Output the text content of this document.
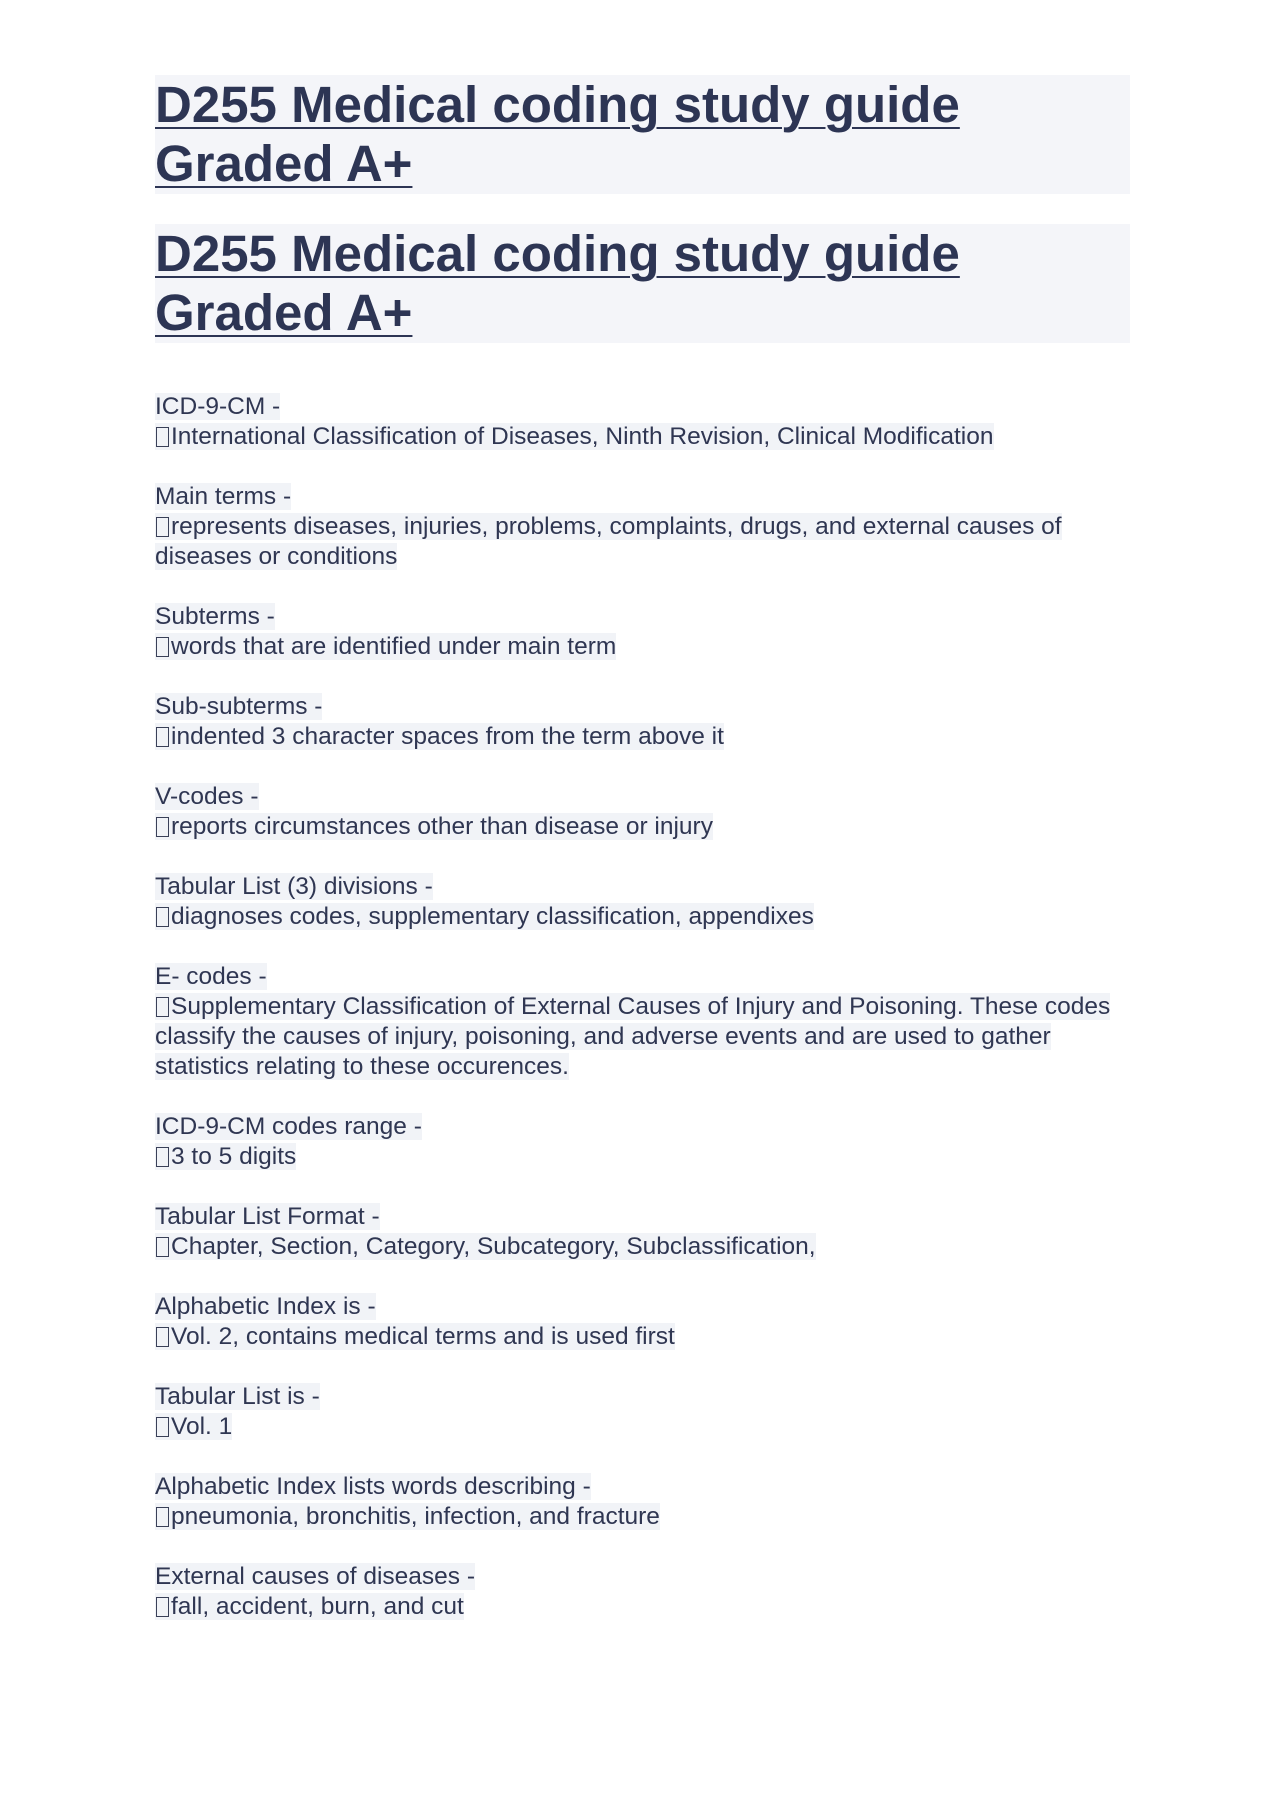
D255 Medical coding study guide Graded A+
D255 Medical coding study guide Graded A+
ICD-9-CM -
International Classification of Diseases, Ninth Revision, Clinical Modification
Main terms -
represents diseases, injuries, problems, complaints, drugs, and external causes of diseases or conditions
Subterms -
words that are identified under main term
Sub-subterms -
indented 3 character spaces from the term above it
V-codes -
reports circumstances other than disease or injury
Tabular List (3) divisions -
diagnoses codes, supplementary classification, appendixes
E- codes -
Supplementary Classification of External Causes of Injury and Poisoning. These codes classify the causes of injury, poisoning, and adverse events and are used to gather statistics relating to these occurences.
ICD-9-CM codes range -
3 to 5 digits
Tabular List Format -
Chapter, Section, Category, Subcategory, Subclassification,
Alphabetic Index is -
Vol. 2, contains medical terms and is used first
Tabular List is -
Vol. 1
Alphabetic Index lists words describing -
pneumonia, bronchitis, infection, and fracture
External causes of diseases -
fall, accident, burn, and cut
